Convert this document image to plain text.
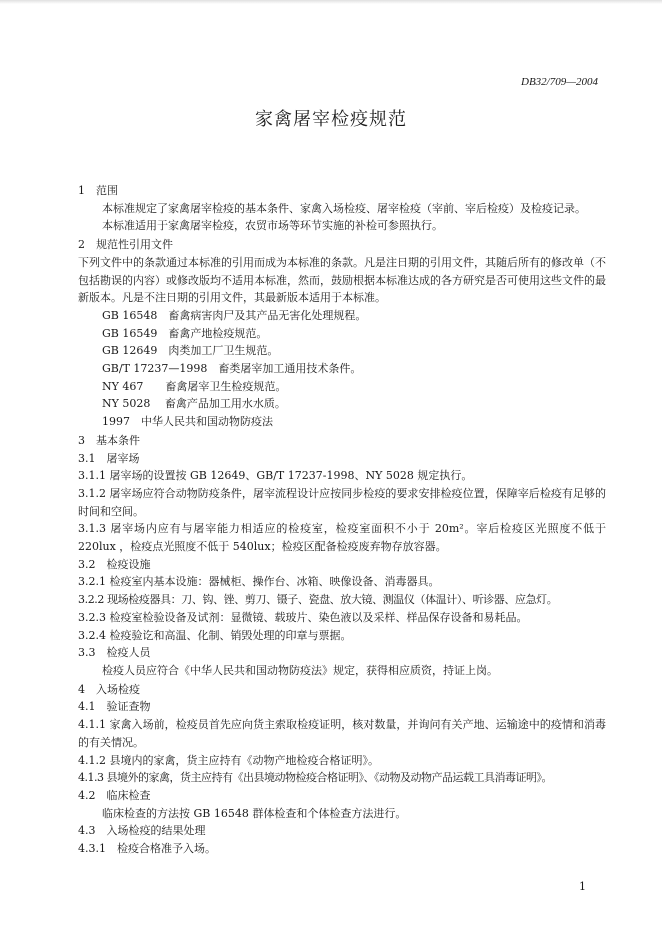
DB32/709—2004
家禽屠宰检疫规范

1　范围

本标准规定了家禽屠宰检疫的基本条件、家禽入场检疫、屠宰检疫（宰前、宰后检疫）及检疫记录。

本标准适用于家禽屠宰检疫，农贸市场等环节实施的补检可参照执行。

2　规范性引用文件

下列文件中的条款通过本标准的引用而成为本标准的条款。凡是注日期的引用文件，其随后所有的修改单（不包括勘误的内容）或修改版均不适用本标准，然而，鼓励根据本标准达成的各方研究是否可使用这些文件的最新版本。凡是不注日期的引用文件，其最新版本适用于本标准。

GB 16548　畜禽病害肉尸及其产品无害化处理规程。

GB 16549　畜禽产地检疫规范。

GB 12649　肉类加工厂卫生规范。

GB/T 17237—1998　畜类屠宰加工通用技术条件。

NY 467　　畜禽屠宰卫生检疫规范。

NY 5028　 畜禽产品加工用水水质。

1997　中华人民共和国动物防疫法

3　基本条件

3.1　屠宰场

3.1.1 屠宰场的设置按 GB 12649、GB/T 17237-1998、NY 5028 规定执行。

3.1.2 屠宰场应符合动物防疫条件，屠宰流程设计应按同步检疫的要求安排检疫位置，保障宰后检疫有足够的时间和空间。

3.1.3 屠宰场内应有与屠宰能力相适应的检疫室，检疫室面积不小于 20m²。宰后检疫区光照度不低于220lux ，检疫点光照度不低于 540lux；检疫区配备检疫废弃物存放容器。

3.2　检疫设施

3.2.1 检疫室内基本设施：器械柜、操作台、冰箱、映像设备、消毒器具。

3.2.2 现场检疫器具：刀、钩、锉、剪刀、镊子、瓷盘、放大镜、测温仪（体温计）、听诊器、应急灯。

3.2.3 检疫室检验设备及试剂：显微镜、载玻片、染色液以及采样、样品保存设备和易耗品。

3.2.4 检疫验讫和高温、化制、销毁处理的印章与票据。

3.3　检疫人员

检疫人员应符合《中华人民共和国动物防疫法》规定，获得相应质资，持证上岗。

4　入场检疫

4.1　验证查物

4.1.1 家禽入场前，检疫员首先应向货主索取检疫证明，核对数量，并询问有关产地、运输途中的疫情和消毒的有关情况。

4.1.2 县境内的家禽，货主应持有《动物产地检疫合格证明》。

4.1.3 县境外的家禽，货主应持有《出县境动物检疫合格证明》、《动物及动物产品运载工具消毒证明》。

4.2　临床检查

临床检查的方法按 GB 16548 群体检查和个体检查方法进行。

4.3　入场检疫的结果处理

4.3.1　检疫合格准予入场。

1
